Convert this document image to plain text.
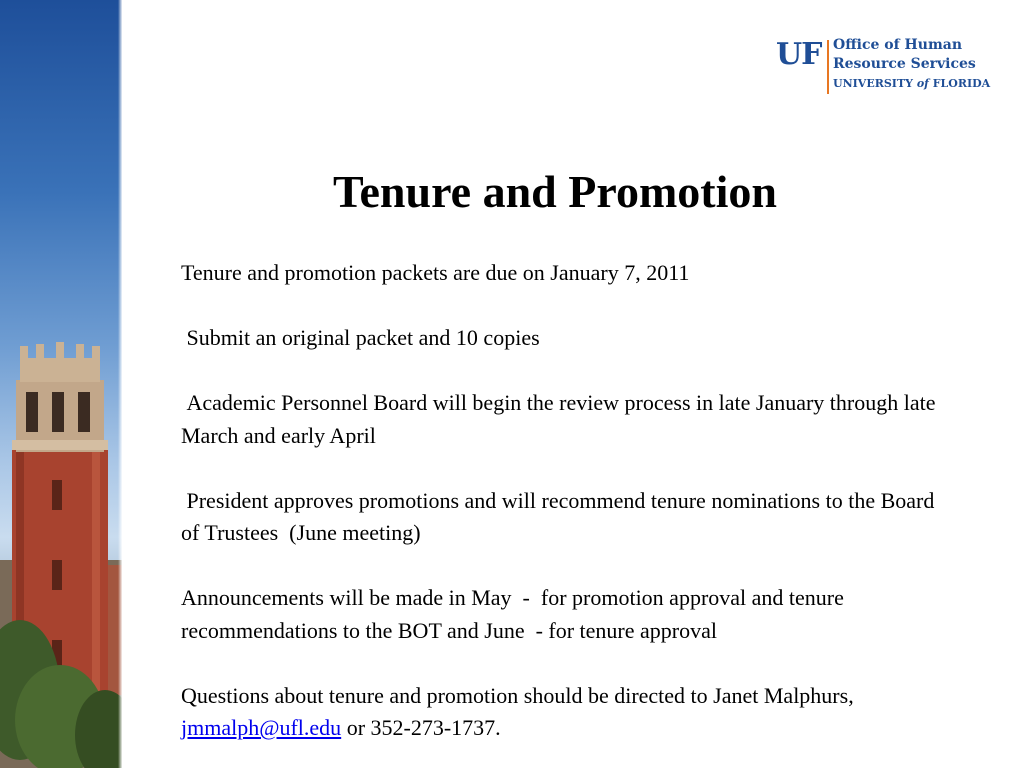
UF Office of Human
Resource Services
UNIVERSITY of FLORIDA
Tenure and Promotion

Tenure and promotion packets are due on January 7, 2011

Submit an original packet and 10 copies

Academic Personnel Board will begin the review process in late January through late March and early April

President approves promotions and will recommend tenure nominations to the Board of Trustees  (June meeting)

Announcements will be made in May  -  for promotion approval and tenure recommendations to the BOT and June  - for tenure approval

Questions about tenure and promotion should be directed to Janet Malphurs, jmmalph@ufl.edu or 352-273-1737.
